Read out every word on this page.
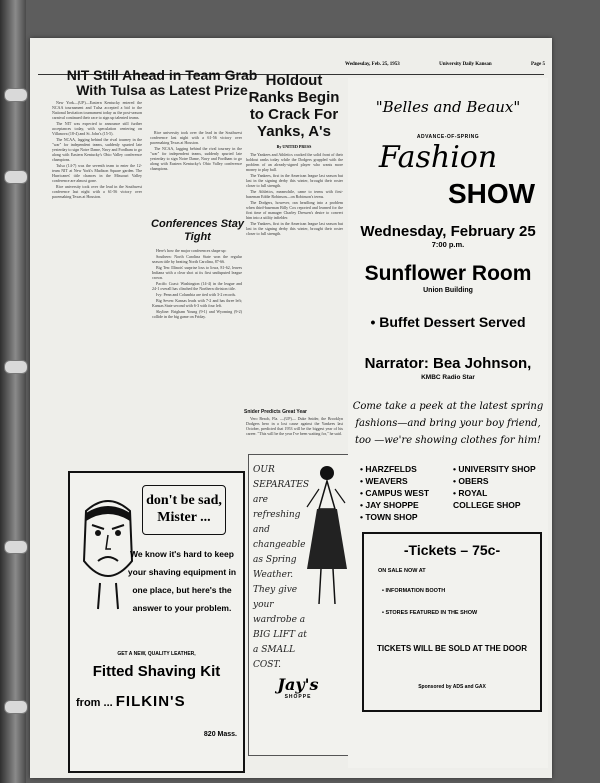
Wednesday, Feb. 25, 1953	University Daily Kansan	Page 5
NIT Still Ahead in Team Grab With Tulsa as Latest Prize

New York—(UP)—Eastern Kentucky entered the NCAA tournament and Tulsa accepted a bid to the National Invitation tournament today as the post-season carnival continued their race to sign up talented teams.

The NIT was expected to announce still further acceptances today, with speculation centering on Villanova (18-4) and St. John's (15-5).

The NCAA, lagging behind the rival tourney in the "war" for independent teams, suddenly spurted late yesterday to sign Notre Dame, Navy and Fordham to go along with Eastern Kentucky's Ohio Valley conference champions.

Tulsa (14-7) was the seventh team to enter the 12-team NIT at New York's Madison Square garden. The Hurricanes' title chances in the Missouri Valley conference are almost gone.

Rice university took over the lead in the Southwest conference last night with a 61-56 victory over pacemaking Texas at Houston.

Rice university took over the lead in the Southwest conference last night with a 61-56 victory over pacemaking Texas at Houston.

The NCAA, lagging behind the rival tourney in the "war" for independent teams, suddenly spurted late yesterday to sign Notre Dame, Navy and Fordham to go along with Eastern Kentucky's Ohio Valley conference champions.

Conferences Stay Tight

Here's how the major conferences shape up:

Southern: North Carolina State won the regular season title by beating North Carolina, 87-66.

Big Ten: Illinois' surprise loss to Iowa, 81-62, leaves Indiana with a clear shot at its first undisputed league crown.

Pacific Coast: Washington (14-4) in the league and 24-1 overall has clinched the Northern division title.

Ivy: Penn and Columbia are tied with 3-2 records.

Big Seven: Kansas leads with 7-2 and has three left; Kansas State second with 6-3 with four left.

Skyline: Brigham Young (9-1) and Wyoming (9-2) collide in the big game on Friday.

Holdout Ranks Begin to Crack For Yanks, A's
By UNITED PRESS

The Yankees and Athletics cracked the solid front of their holdout ranks today while the Dodgers grappled with the problem of an already-signed player who wants more money to play ball.

The Yankees, first in the American league last season but last in the signing derby this winter, brought their roster closer to full strength.

The Athletics, meanwhile, came to terms with first-baseman Eddie Robinson—on Robinson's terms.

The Dodgers, however, ran headlong into a problem when third-baseman Billy Cox reported and learned for the first time of manager Charley Dressen's desire to convert him into a utility infielder.

The Yankees, first in the American league last season but last in the signing derby this winter, brought their roster closer to full strength.

Snider Predicts Great Year

Vero Beach, Fla. —(UP)— Duke Snider, the Brooklyn Dodgers hero in a lost cause against the Yankees last October, predicted that 1953 will be the biggest year of his career. "This will be the year I've been waiting for," he said.

don't be sad, Mister ...
We know it's hard to keep your shaving equipment in one place, but here's the answer to your problem.
GET A NEW, QUALITY LEATHER,
Fitted Shaving Kit
from ... FILKIN'S
820 Mass.
OUR SEPARATES are refreshing and changeable as Spring Weather. They give your wardrobe a BIG LIFT at a SMALL COST.
Jay's
SHOPPE
"Belles and Beaux"
ADVANCE-OF-SPRING
Fashion
SHOW
Wednesday, February 25
7:00 p.m.
Sunflower Room
Union Building
• Buffet Dessert Served
Narrator: Bea Johnson,
KMBC Radio Star
Come take a peek at the latest spring fashions—and bring your boy friend, too —we're showing clothes for him!
• HARZFELDS	• UNIVERSITY SHOP
• WEAVERS	• OBERS
• CAMPUS WEST	• ROYAL
• JAY SHOPPE	COLLEGE SHOP
• TOWN SHOP
-Tickets – 75c-
ON SALE NOW AT
• INFORMATION BOOTH
• STORES FEATURED IN THE SHOW
TICKETS WILL BE SOLD AT THE DOOR
Sponsored by ADS and GAX
